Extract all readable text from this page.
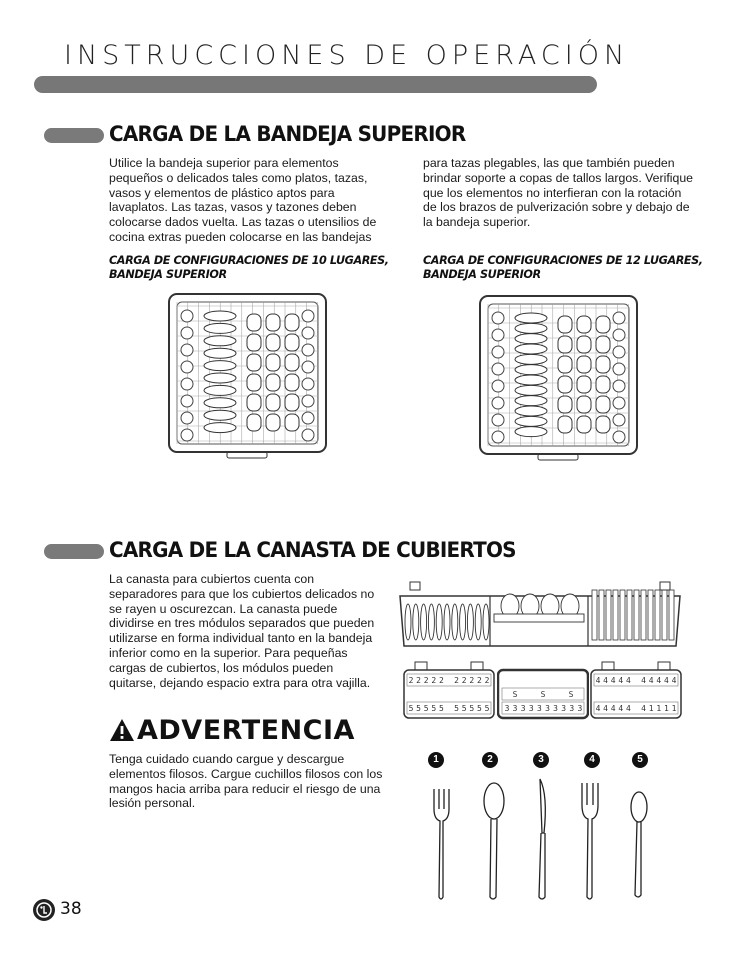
INSTRUCCIONES DE OPERACIÓN
CARGA DE LA BANDEJA SUPERIOR
Utilice la bandeja superior para elementos pequeños o delicados tales como platos, tazas, vasos y elementos de plástico aptos para lavaplatos. Las tazas, vasos y tazones deben colocarse dados vuelta. Las tazas o utensilios de cocina extras pueden colocarse en las bandejas
para tazas plegables, las que también pueden brindar soporte a copas de tallos largos. Verifique que los elementos no interfieran con la rotación de los brazos de pulverización sobre y debajo de la bandeja superior.
CARGA DE CONFIGURACIONES DE 10 LUGARES, BANDEJA SUPERIOR
CARGA DE CONFIGURACIONES DE 12 LUGARES, BANDEJA SUPERIOR
CARGA DE LA CANASTA DE CUBIERTOS
La canasta para cubiertos cuenta con separadores para que los cubiertos delicados no se rayen u oscurezcan. La canasta puede dividirse en tres módulos separados que pueden utilizarse en forma individual tanto en la bandeja inferior como en la superior. Para pequeñas cargas de cubiertos, los módulos pueden quitarse, dejando espacio extra para otra vajilla.	2 2 2 2 2 2 2 2 2 2
5 5 5 5 5 5 5 5 5 5
S	S	S
3 3 3 3 3 3 3 3 3 3
4 4 4 4 4 4 4 4 4 4
4 4 4 4 4 4 1 1 1 1
ADVERTENCIA
Tenga cuidado cuando cargue y descargue elementos filosos. Cargue cuchillos filosos con los mangos hacia arriba para reducir el riesgo de una lesión personal.
1	2	3	4	5
38
